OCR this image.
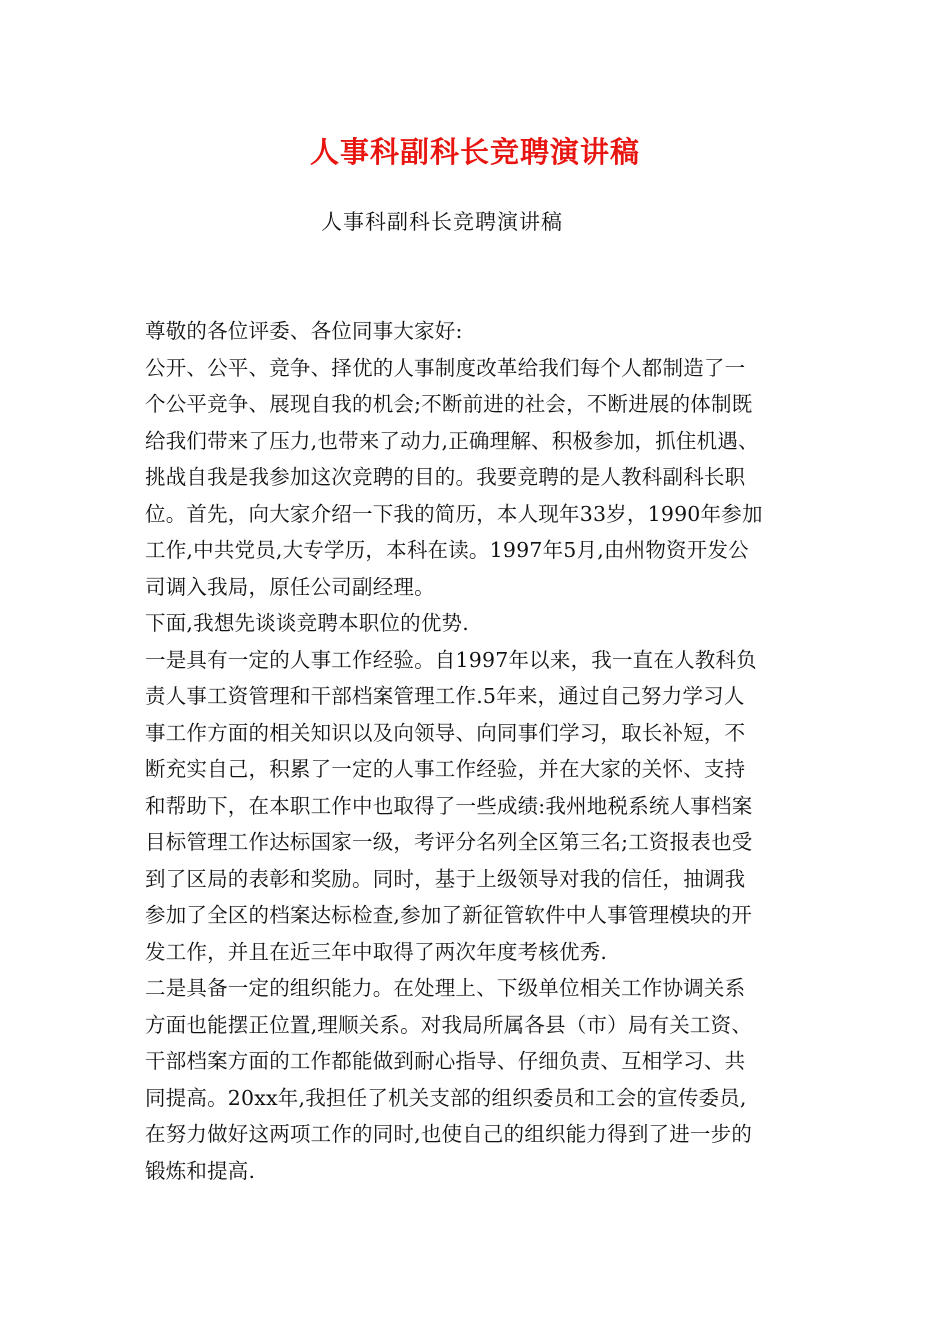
人事科副科长竞聘演讲稿
人事科副科长竞聘演讲稿
尊敬的各位评委、各位同事大家好:
公开、公平、竞争、择优的人事制度改革给我们每个人都制造了一
个公平竞争、展现自我的机会;不断前进的社会，不断进展的体制既
给我们带来了压力,也带来了动力,正确理解、积极参加，抓住机遇、
挑战自我是我参加这次竞聘的目的。我要竞聘的是人教科副科长职
位。首先，向大家介绍一下我的简历，本人现年33岁，1990年参加
工作,中共党员,大专学历，本科在读。1997年5月,由州物资开发公
司调入我局，原任公司副经理。
下面,我想先谈谈竞聘本职位的优势.
一是具有一定的人事工作经验。自1997年以来，我一直在人教科负
责人事工资管理和干部档案管理工作.5年来，通过自己努力学习人
事工作方面的相关知识以及向领导、向同事们学习，取长补短，不
断充实自己，积累了一定的人事工作经验，并在大家的关怀、支持
和帮助下，在本职工作中也取得了一些成绩:我州地税系统人事档案
目标管理工作达标国家一级，考评分名列全区第三名;工资报表也受
到了区局的表彰和奖励。同时，基于上级领导对我的信任，抽调我
参加了全区的档案达标检查,参加了新征管软件中人事管理模块的开
发工作，并且在近三年中取得了两次年度考核优秀.
二是具备一定的组织能力。在处理上、下级单位相关工作协调关系
方面也能摆正位置,理顺关系。对我局所属各县（市）局有关工资、
干部档案方面的工作都能做到耐心指导、仔细负责、互相学习、共
同提高。20xx年,我担任了机关支部的组织委员和工会的宣传委员,
在努力做好这两项工作的同时,也使自己的组织能力得到了进一步的
锻炼和提高.
